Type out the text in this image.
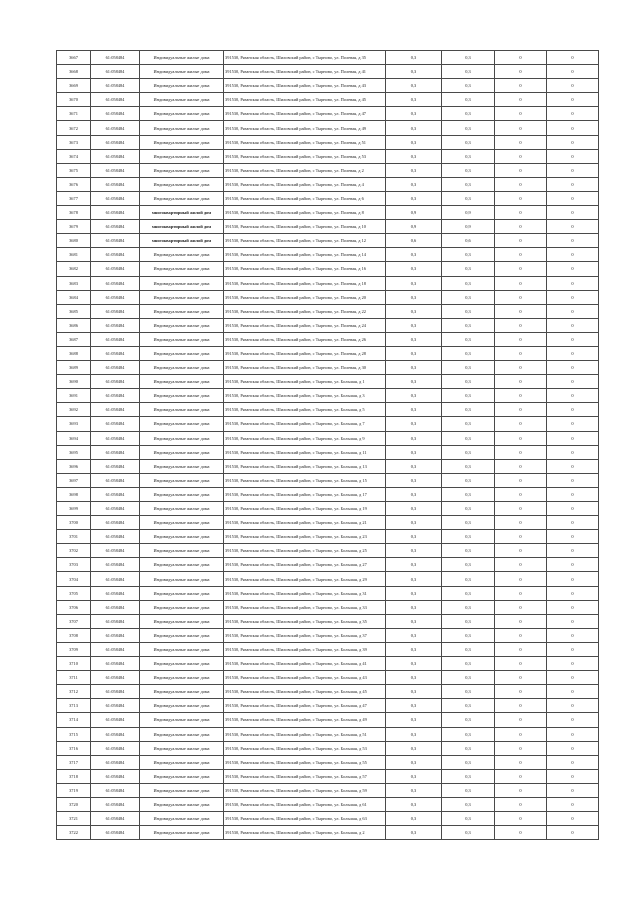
3667	61:058484	Индивидуальные жилые дома	391530, Рязанская область, Шиловский район, с Тырново, ул. Полевая, д 35	0,3	0,3	0	0
3668	61:058484	Индивидуальные жилые дома	391530, Рязанская область, Шиловский район, с Тырново, ул. Полевая, д 41	0,3	0,3	0	0
3669	61:058484	Индивидуальные жилые дома	391530, Рязанская область, Шиловский район, с Тырново, ул. Полевая, д 43	0,3	0,3	0	0
3670	61:058484	Индивидуальные жилые дома	391530, Рязанская область, Шиловский район, с Тырново, ул. Полевая, д 45	0,3	0,3	0	0
3671	61:058484	Индивидуальные жилые дома	391530, Рязанская область, Шиловский район, с Тырново, ул. Полевая, д 47	0,3	0,3	0	0
3672	61:058484	Индивидуальные жилые дома	391530, Рязанская область, Шиловский район, с Тырново, ул. Полевая, д 49	0,3	0,3	0	0
3673	61:058484	Индивидуальные жилые дома	391530, Рязанская область, Шиловский район, с Тырново, ул. Полевая, д 51	0,3	0,3	0	0
3674	61:058484	Индивидуальные жилые дома	391530, Рязанская область, Шиловский район, с Тырново, ул. Полевая, д 53	0,3	0,3	0	0
3675	61:058484	Индивидуальные жилые дома	391530, Рязанская область, Шиловский район, с Тырново, ул. Полевая, д 2	0,3	0,3	0	0
3676	61:058484	Индивидуальные жилые дома	391530, Рязанская область, Шиловский район, с Тырново, ул. Полевая, д 4	0,3	0,3	0	0
3677	61:058484	Индивидуальные жилые дома	391530, Рязанская область, Шиловский район, с Тырново, ул. Полевая, д 6	0,3	0,3	0	0
3678	61:058484	многоквартирный жилой дом	391530, Рязанская область, Шиловский район, с Тырново, ул. Полевая, д 8	0,9	0,9	0	0
3679	61:058484	многоквартирный жилой дом	391530, Рязанская область, Шиловский район, с Тырново, ул. Полевая, д 10	0,9	0,9	0	0
3680	61:058484	многоквартирный жилой дом	391530, Рязанская область, Шиловский район, с Тырново, ул. Полевая, д 12	0,6	0,6	0	0
3681	61:058484	Индивидуальные жилые дома	391530, Рязанская область, Шиловский район, с Тырново, ул. Полевая, д 14	0,3	0,3	0	0
3682	61:058484	Индивидуальные жилые дома	391530, Рязанская область, Шиловский район, с Тырново, ул. Полевая, д 16	0,3	0,3	0	0
3683	61:058484	Индивидуальные жилые дома	391530, Рязанская область, Шиловский район, с Тырново, ул. Полевая, д 18	0,3	0,3	0	0
3684	61:058484	Индивидуальные жилые дома	391530, Рязанская область, Шиловский район, с Тырново, ул. Полевая, д 20	0,3	0,3	0	0
3685	61:058484	Индивидуальные жилые дома	391530, Рязанская область, Шиловский район, с Тырново, ул. Полевая, д 22	0,3	0,3	0	0
3686	61:058484	Индивидуальные жилые дома	391530, Рязанская область, Шиловский район, с Тырново, ул. Полевая, д 24	0,3	0,3	0	0
3687	61:058484	Индивидуальные жилые дома	391530, Рязанская область, Шиловский район, с Тырново, ул. Полевая, д 26	0,3	0,3	0	0
3688	61:058484	Индивидуальные жилые дома	391530, Рязанская область, Шиловский район, с Тырново, ул. Полевая, д 28	0,3	0,3	0	0
3689	61:058484	Индивидуальные жилые дома	391530, Рязанская область, Шиловский район, с Тырново, ул. Полевая, д 30	0,3	0,3	0	0
3690	61:058484	Индивидуальные жилые дома	391530, Рязанская область, Шиловский район, с Тырново, ул. Большая, д 1	0,3	0,3	0	0
3691	61:058484	Индивидуальные жилые дома	391530, Рязанская область, Шиловский район, с Тырново, ул. Большая, д 3	0,3	0,3	0	0
3692	61:058484	Индивидуальные жилые дома	391530, Рязанская область, Шиловский район, с Тырново, ул. Большая, д 5	0,3	0,3	0	0
3693	61:058484	Индивидуальные жилые дома	391530, Рязанская область, Шиловский район, с Тырново, ул. Большая, д 7	0,3	0,3	0	0
3694	61:058484	Индивидуальные жилые дома	391530, Рязанская область, Шиловский район, с Тырново, ул. Большая, д 9	0,3	0,3	0	0
3695	61:058484	Индивидуальные жилые дома	391530, Рязанская область, Шиловский район, с Тырново, ул. Большая, д 11	0,3	0,3	0	0
3696	61:058484	Индивидуальные жилые дома	391530, Рязанская область, Шиловский район, с Тырново, ул. Большая, д 13	0,3	0,3	0	0
3697	61:058484	Индивидуальные жилые дома	391530, Рязанская область, Шиловский район, с Тырново, ул. Большая, д 15	0,3	0,3	0	0
3698	61:058484	Индивидуальные жилые дома	391530, Рязанская область, Шиловский район, с Тырново, ул. Большая, д 17	0,3	0,3	0	0
3699	61:058484	Индивидуальные жилые дома	391530, Рязанская область, Шиловский район, с Тырново, ул. Большая, д 19	0,3	0,3	0	0
3700	61:058484	Индивидуальные жилые дома	391530, Рязанская область, Шиловский район, с Тырново, ул. Большая, д 21	0,3	0,3	0	0
3701	61:058484	Индивидуальные жилые дома	391530, Рязанская область, Шиловский район, с Тырново, ул. Большая, д 23	0,3	0,3	0	0
3702	61:058484	Индивидуальные жилые дома	391530, Рязанская область, Шиловский район, с Тырново, ул. Большая, д 25	0,3	0,3	0	0
3703	61:058484	Индивидуальные жилые дома	391530, Рязанская область, Шиловский район, с Тырново, ул. Большая, д 27	0,3	0,3	0	0
3704	61:058484	Индивидуальные жилые дома	391530, Рязанская область, Шиловский район, с Тырново, ул. Большая, д 29	0,3	0,3	0	0
3705	61:058484	Индивидуальные жилые дома	391530, Рязанская область, Шиловский район, с Тырново, ул. Большая, д 31	0,3	0,3	0	0
3706	61:058484	Индивидуальные жилые дома	391530, Рязанская область, Шиловский район, с Тырново, ул. Большая, д 33	0,3	0,3	0	0
3707	61:058484	Индивидуальные жилые дома	391530, Рязанская область, Шиловский район, с Тырново, ул. Большая, д 35	0,3	0,3	0	0
3708	61:058484	Индивидуальные жилые дома	391530, Рязанская область, Шиловский район, с Тырново, ул. Большая, д 37	0,3	0,3	0	0
3709	61:058484	Индивидуальные жилые дома	391530, Рязанская область, Шиловский район, с Тырново, ул. Большая, д 39	0,3	0,3	0	0
3710	61:058484	Индивидуальные жилые дома	391530, Рязанская область, Шиловский район, с Тырново, ул. Большая, д 41	0,3	0,3	0	0
3711	61:058484	Индивидуальные жилые дома	391530, Рязанская область, Шиловский район, с Тырново, ул. Большая, д 43	0,3	0,3	0	0
3712	61:058484	Индивидуальные жилые дома	391530, Рязанская область, Шиловский район, с Тырново, ул. Большая, д 45	0,3	0,3	0	0
3713	61:058484	Индивидуальные жилые дома	391530, Рязанская область, Шиловский район, с Тырново, ул. Большая, д 47	0,3	0,3	0	0
3714	61:058484	Индивидуальные жилые дома	391530, Рязанская область, Шиловский район, с Тырново, ул. Большая, д 49	0,3	0,3	0	0
3715	61:058484	Индивидуальные жилые дома	391530, Рязанская область, Шиловский район, с Тырново, ул. Большая, д 51	0,3	0,3	0	0
3716	61:058484	Индивидуальные жилые дома	391530, Рязанская область, Шиловский район, с Тырново, ул. Большая, д 53	0,3	0,3	0	0
3717	61:058484	Индивидуальные жилые дома	391530, Рязанская область, Шиловский район, с Тырново, ул. Большая, д 55	0,3	0,3	0	0
3718	61:058484	Индивидуальные жилые дома	391530, Рязанская область, Шиловский район, с Тырново, ул. Большая, д 57	0,3	0,3	0	0
3719	61:058484	Индивидуальные жилые дома	391530, Рязанская область, Шиловский район, с Тырново, ул. Большая, д 59	0,3	0,3	0	0
3720	61:058484	Индивидуальные жилые дома	391530, Рязанская область, Шиловский район, с Тырново, ул. Большая, д 61	0,3	0,3	0	0
3721	61:058484	Индивидуальные жилые дома	391530, Рязанская область, Шиловский район, с Тырново, ул. Большая, д 63	0,3	0,3	0	0
3722	61:058484	Индивидуальные жилые дома	391530, Рязанская область, Шиловский район, с Тырново, ул. Большая, д 2	0,3	0,3	0	0
